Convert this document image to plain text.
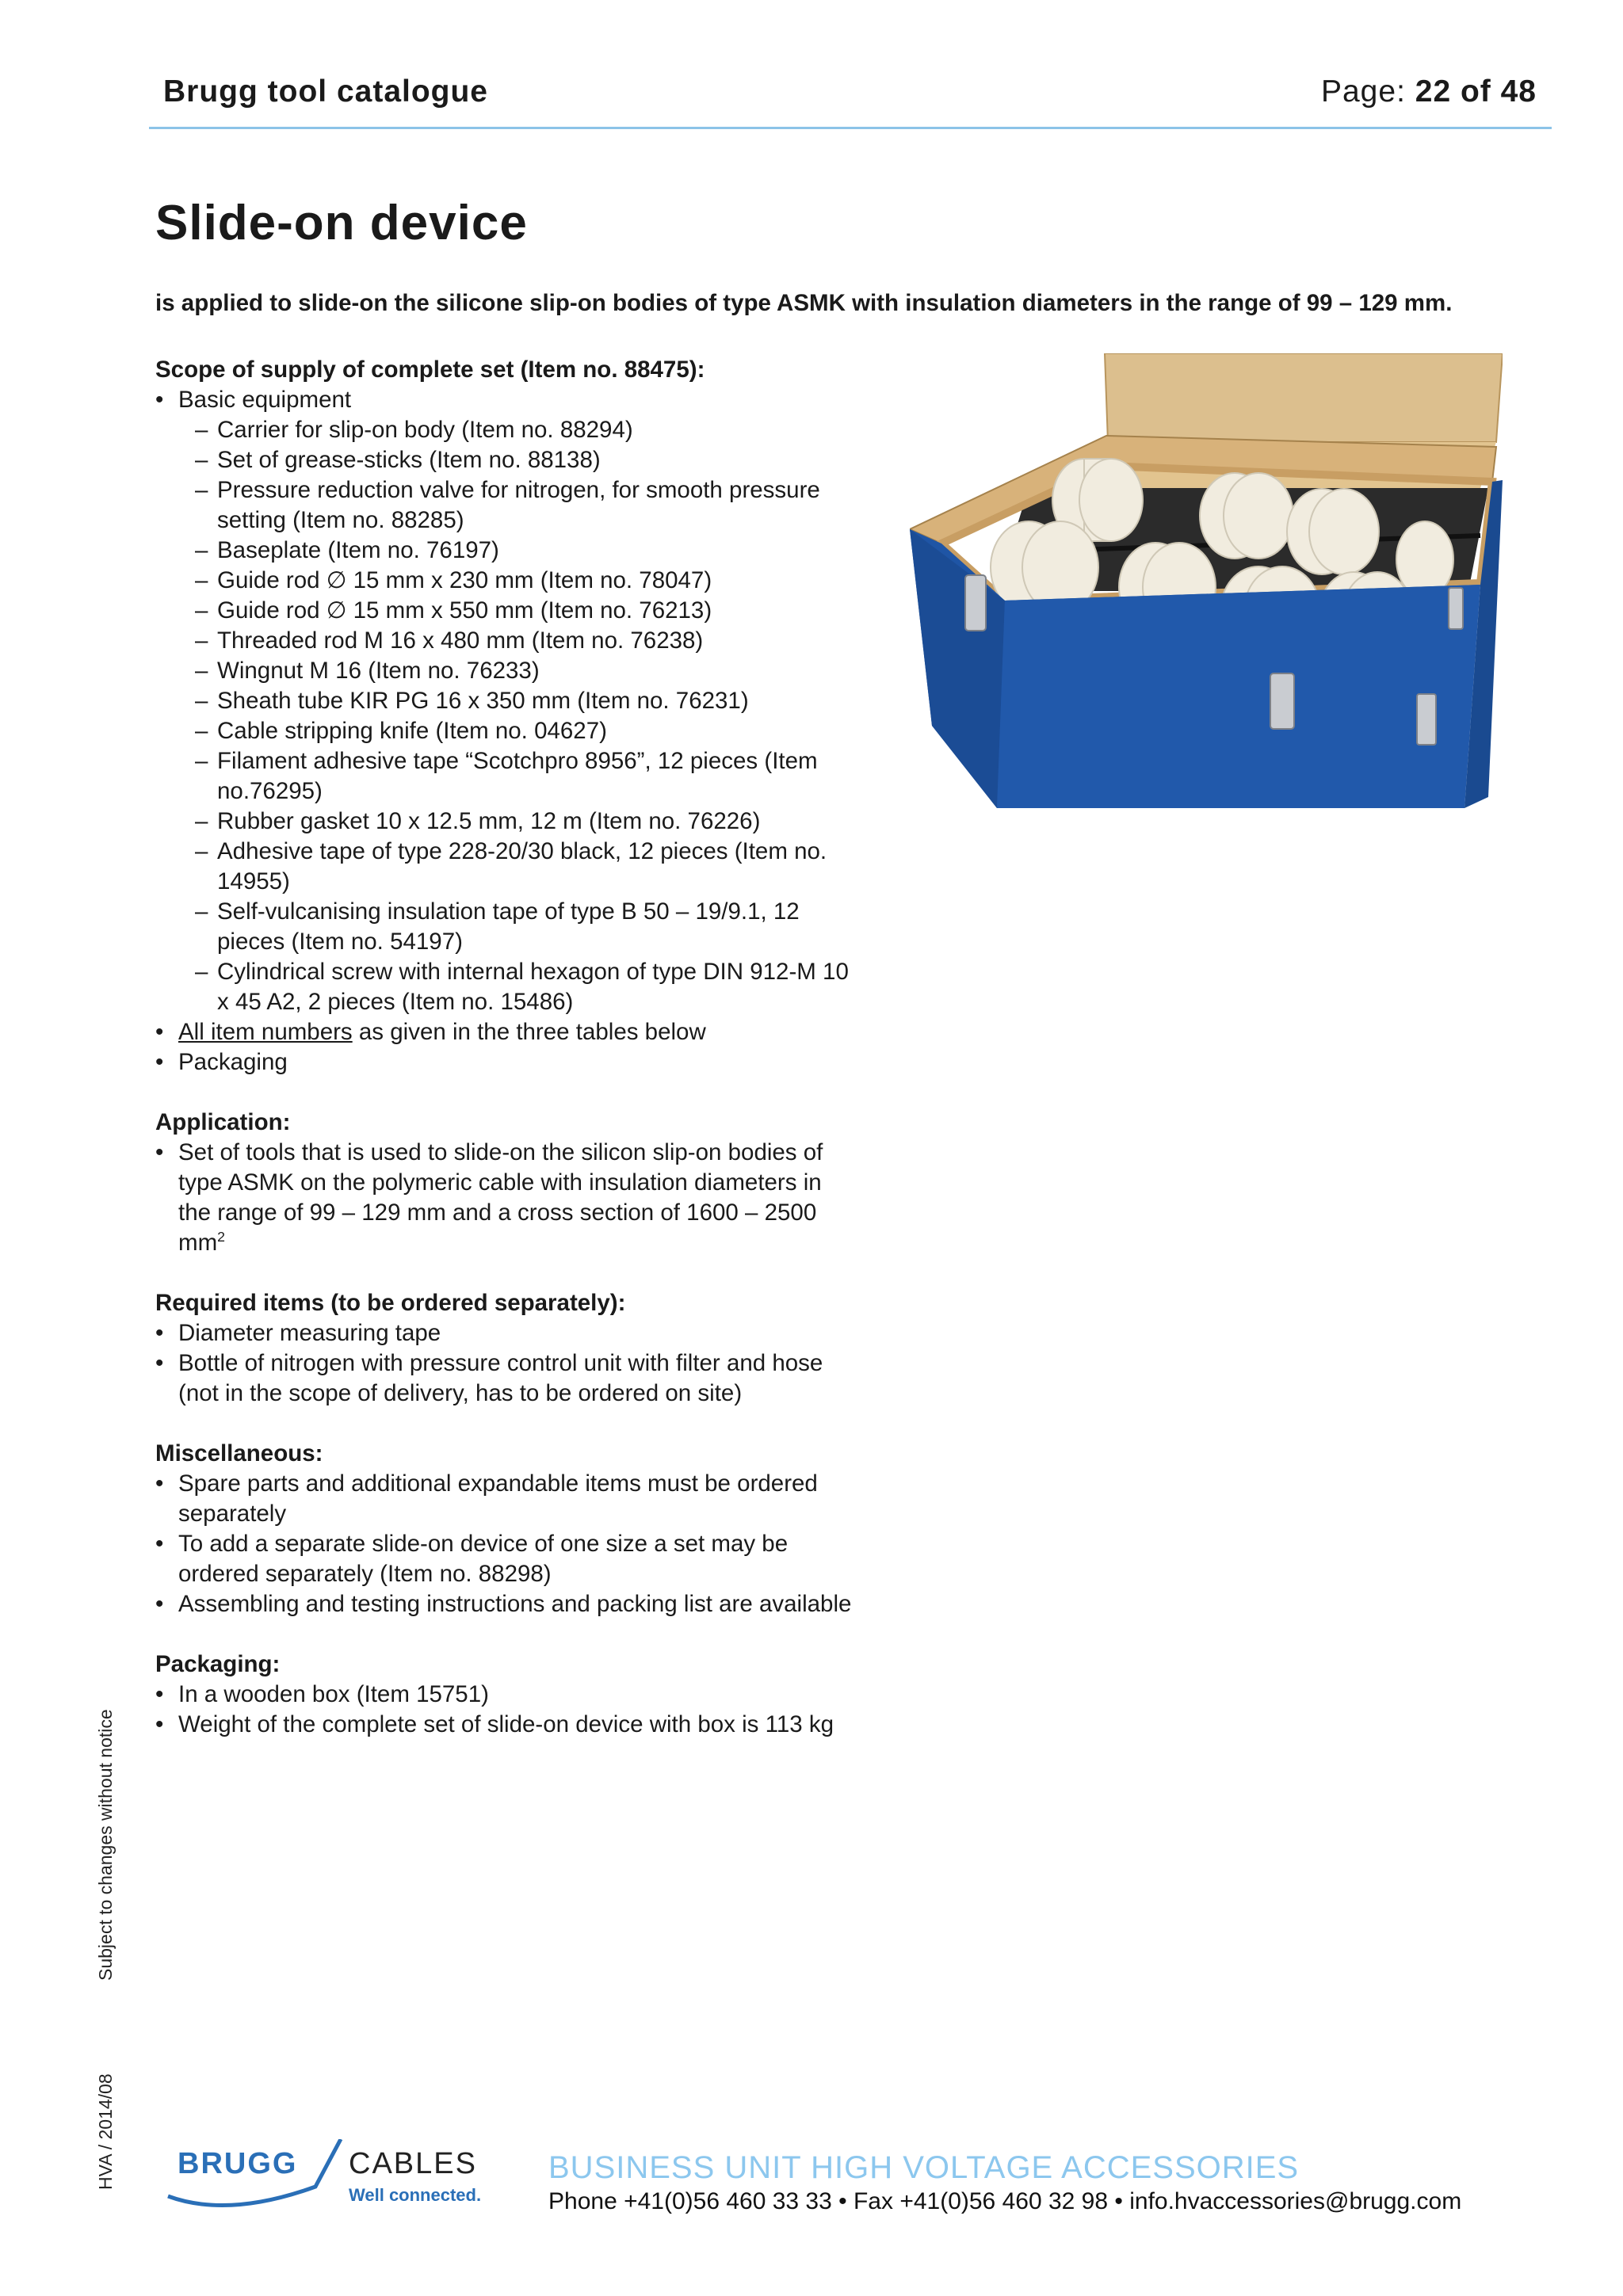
Brugg tool catalogue	Page: 22 of 48
Slide-on device
is applied to slide-on the silicone slip-on bodies of type ASMK with insulation diameters in the range of 99 – 129 mm.
Scope of supply of complete set (Item no. 88475):
• Basic equipment
– Carrier for slip-on body (Item no. 88294)
– Set of grease-sticks (Item no. 88138)
– Pressure reduction valve for nitrogen, for smooth pressure setting (Item no. 88285)
– Baseplate (Item no. 76197)
– Guide rod ∅ 15 mm x 230 mm (Item no. 78047)
– Guide rod ∅ 15 mm x 550 mm (Item no. 76213)
– Threaded rod M 16 x 480 mm (Item no. 76238)
– Wingnut M 16 (Item no. 76233)
– Sheath tube KIR PG 16 x 350 mm (Item no. 76231)
– Cable stripping knife (Item no. 04627)
– Filament adhesive tape “Scotchpro 8956”, 12 pieces (Item no.76295)
– Rubber gasket 10 x 12.5 mm, 12 m (Item no. 76226)
– Adhesive tape of type 228-20/30 black, 12 pieces (Item no. 14955)
– Self-vulcanising insulation tape of type B 50 – 19/9.1, 12 pieces (Item no. 54197)
– Cylindrical screw with internal hexagon of type DIN 912-M 10 x 45 A2, 2 pieces (Item no. 15486)
• All item numbers as given in the three tables below
• Packaging
Application:
• Set of tools that is used to slide-on the silicon slip-on bodies of type ASMK on the polymeric cable with insulation diameters in the range of 99 – 129 mm and a cross section of 1600 – 2500 $mm^2$
Required items (to be ordered separately):
• Diameter measuring tape
• Bottle of nitrogen with pressure control unit with filter and hose (not in the scope of delivery, has to be ordered on site)
Miscellaneous:
• Spare parts and additional expandable items must be ordered separately
• To add a separate slide-on device of one size a set may be ordered separately (Item no. 88298)
• Assembling and testing instructions and packing list are available
Packaging:
• In a wooden box (Item 15751)
• Weight of the complete set of slide-on device with box is 113 kg
Subject to changes without notice
HVA / 2014/08 BRUGG CABLES
Well connected.
BUSINESS UNIT HIGH VOLTAGE ACCESSORIES
Phone +41(0)56 460 33 33 • Fax +41(0)56 460 32 98 • info.hvaccessories@brugg.com
